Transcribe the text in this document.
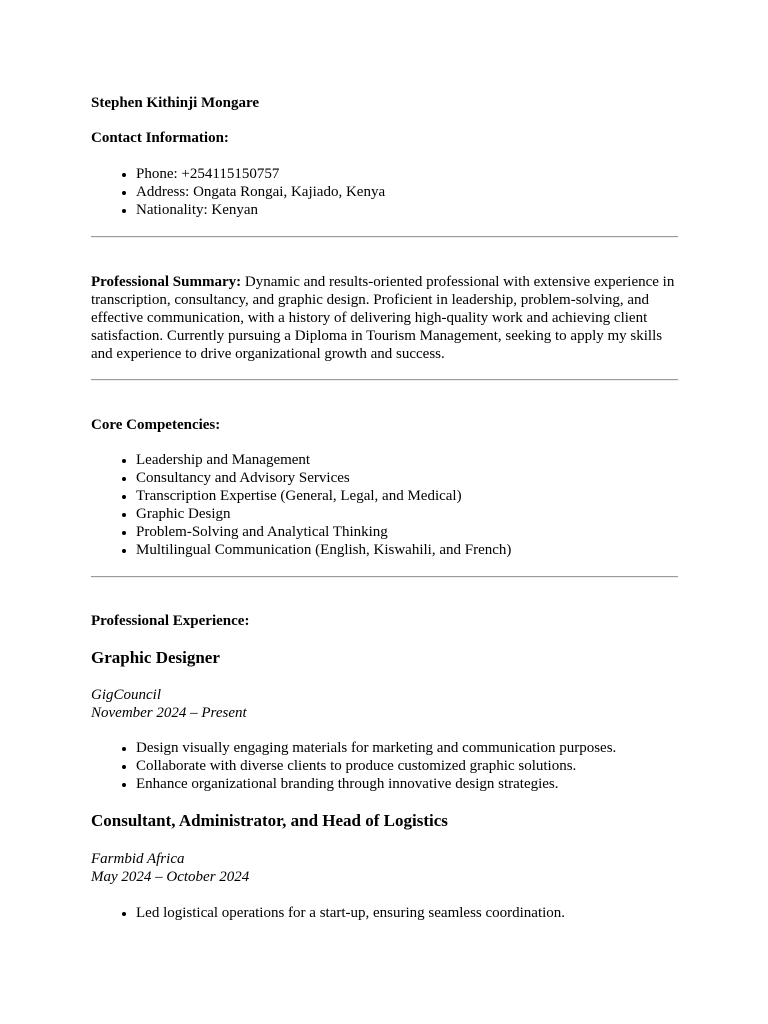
Stephen Kithinji Mongare
Contact Information:
• Phone: +254115150757
• Address: Ongata Rongai, Kajiado, Kenya
• Nationality: Kenyan

Professional Summary: Dynamic and results-oriented professional with extensive experience in transcription, consultancy, and graphic design. Proficient in leadership, problem-solving, and effective communication, with a history of delivering high-quality work and achieving client satisfaction. Currently pursuing a Diploma in Tourism Management, seeking to apply my skills and experience to drive organizational growth and success.

Core Competencies:
• Leadership and Management
• Consultancy and Advisory Services
• Transcription Expertise (General, Legal, and Medical)
• Graphic Design
• Problem-Solving and Analytical Thinking
• Multilingual Communication (English, Kiswahili, and French)
Professional Experience:
Graphic Designer
GigCouncil
November 2024 – Present
• Design visually engaging materials for marketing and communication purposes.
• Collaborate with diverse clients to produce customized graphic solutions.
• Enhance organizational branding through innovative design strategies.
Consultant, Administrator, and Head of Logistics
Farmbid Africa
May 2024 – October 2024
• Led logistical operations for a start-up, ensuring seamless coordination.
